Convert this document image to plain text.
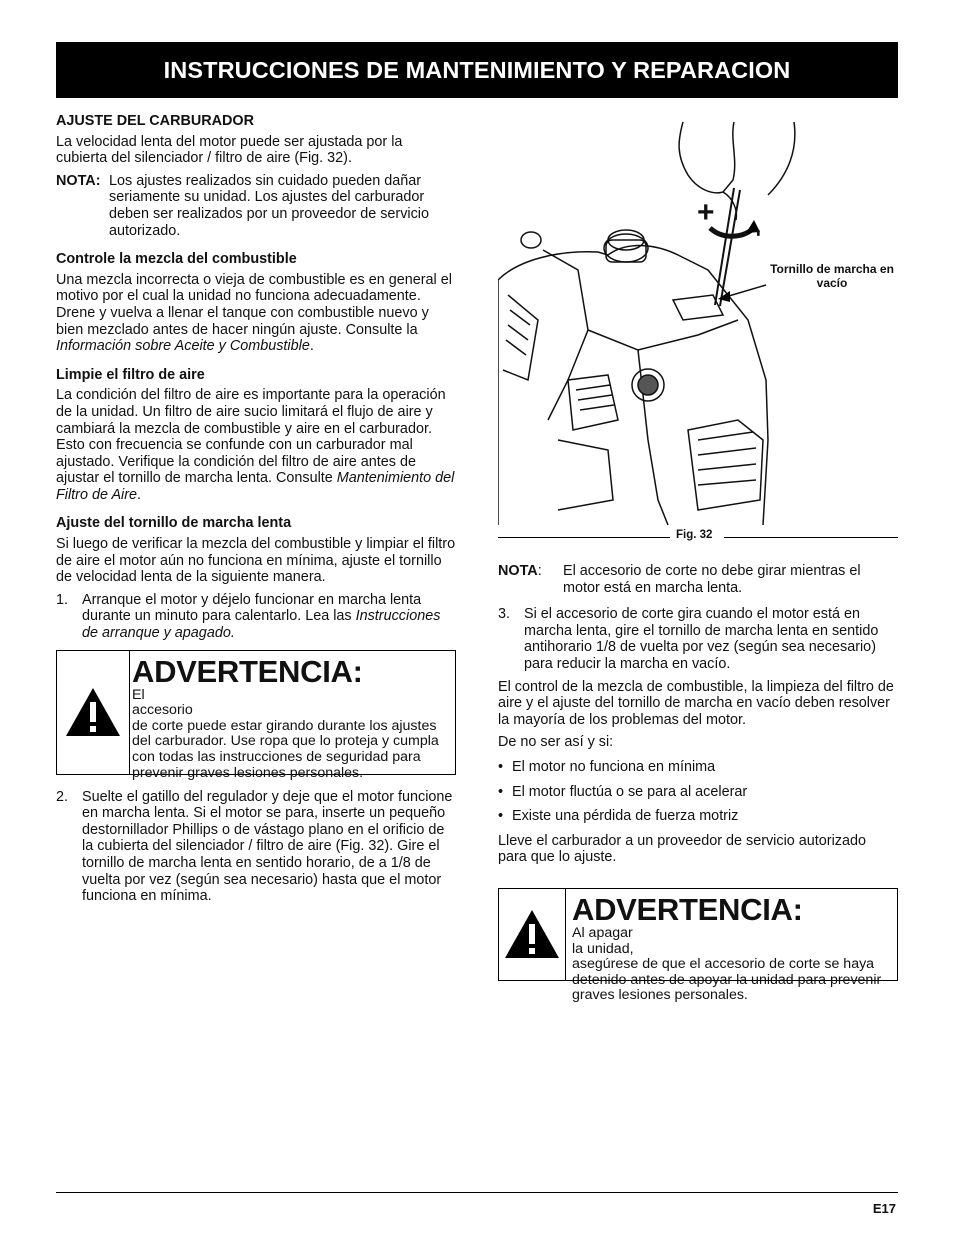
INSTRUCCIONES DE MANTENIMIENTO Y REPARACION
AJUSTE DEL CARBURADOR

La velocidad lenta del motor puede ser ajustada por la cubierta del silenciador / filtro de aire (Fig. 32).

NOTA: Los ajustes realizados sin cuidado pueden dañar seriamente su unidad. Los ajustes del carburador deben ser realizados por un proveedor de servicio autorizado.
Controle la mezcla del combustible

Una mezcla incorrecta o vieja de combustible es en general el motivo por el cual la unidad no funciona adecuadamente. Drene y vuelva a llenar el tanque con combustible nuevo y bien mezclado antes de hacer ningún ajuste. Consulte la Información sobre Aceite y Combustible.

Limpie el filtro de aire

La condición del filtro de aire es importante para la operación de la unidad. Un filtro de aire sucio limitará el flujo de aire y cambiará la mezcla de combustible y aire en el carburador. Esto con frecuencia se confunde con un carburador mal ajustado. Verifique la condición del filtro de aire antes de ajustar el tornillo de marcha lenta. Consulte Mantenimiento del Filtro de Aire.

Ajuste del tornillo de marcha lenta

Si luego de verificar la mezcla del combustible y limpiar el filtro de aire el motor aún no funciona en mínima, ajuste el tornillo de velocidad lenta de la siguiente manera.

1. Arranque el motor y déjelo funcionar en marcha lenta durante un minuto para calentarlo. Lea las Instrucciones de arranque y apagado.
ADVERTENCIA:
El accesorio
de corte puede estar girando durante los ajustes del carburador. Use ropa que lo proteja y cumpla con todas las instrucciones de seguridad para prevenir graves lesiones personales.
2. Suelte el gatillo del regulador y deje que el motor funcione en marcha lenta. Si el motor se para, inserte un pequeño destornillador Phillips o de vástago plano en el orificio de la cubierta del silenciador / filtro de aire (Fig. 32). Gire el tornillo de marcha lenta en sentido horario, de a 1/8 de vuelta por vez (según sea necesario) hasta que el motor funciona en mínima.
+
-
Tornillo de marcha en vacío
Fig. 32
NOTA:	El accesorio de corte no debe girar mientras el motor está en marcha lenta.
3. Si el accesorio de corte gira cuando el motor está en marcha lenta, gire el tornillo de marcha lenta en sentido antihorario 1/8 de vuelta por vez (según sea necesario) para reducir la marcha en vacío.

El control de la mezcla de combustible, la limpieza del filtro de aire y el ajuste del tornillo de marcha en vacío deben resolver la mayoría de los problemas del motor.

De no ser así y si:

• El motor no funciona en mínima
• El motor fluctúa o se para al acelerar
• Existe una pérdida de fuerza motriz

Lleve el carburador a un proveedor de servicio autorizado para que lo ajuste.

ADVERTENCIA:
Al apagar la unidad,
asegúrese de que el accesorio de corte se haya detenido antes de apoyar la unidad para prevenir graves lesiones personales.
E17
